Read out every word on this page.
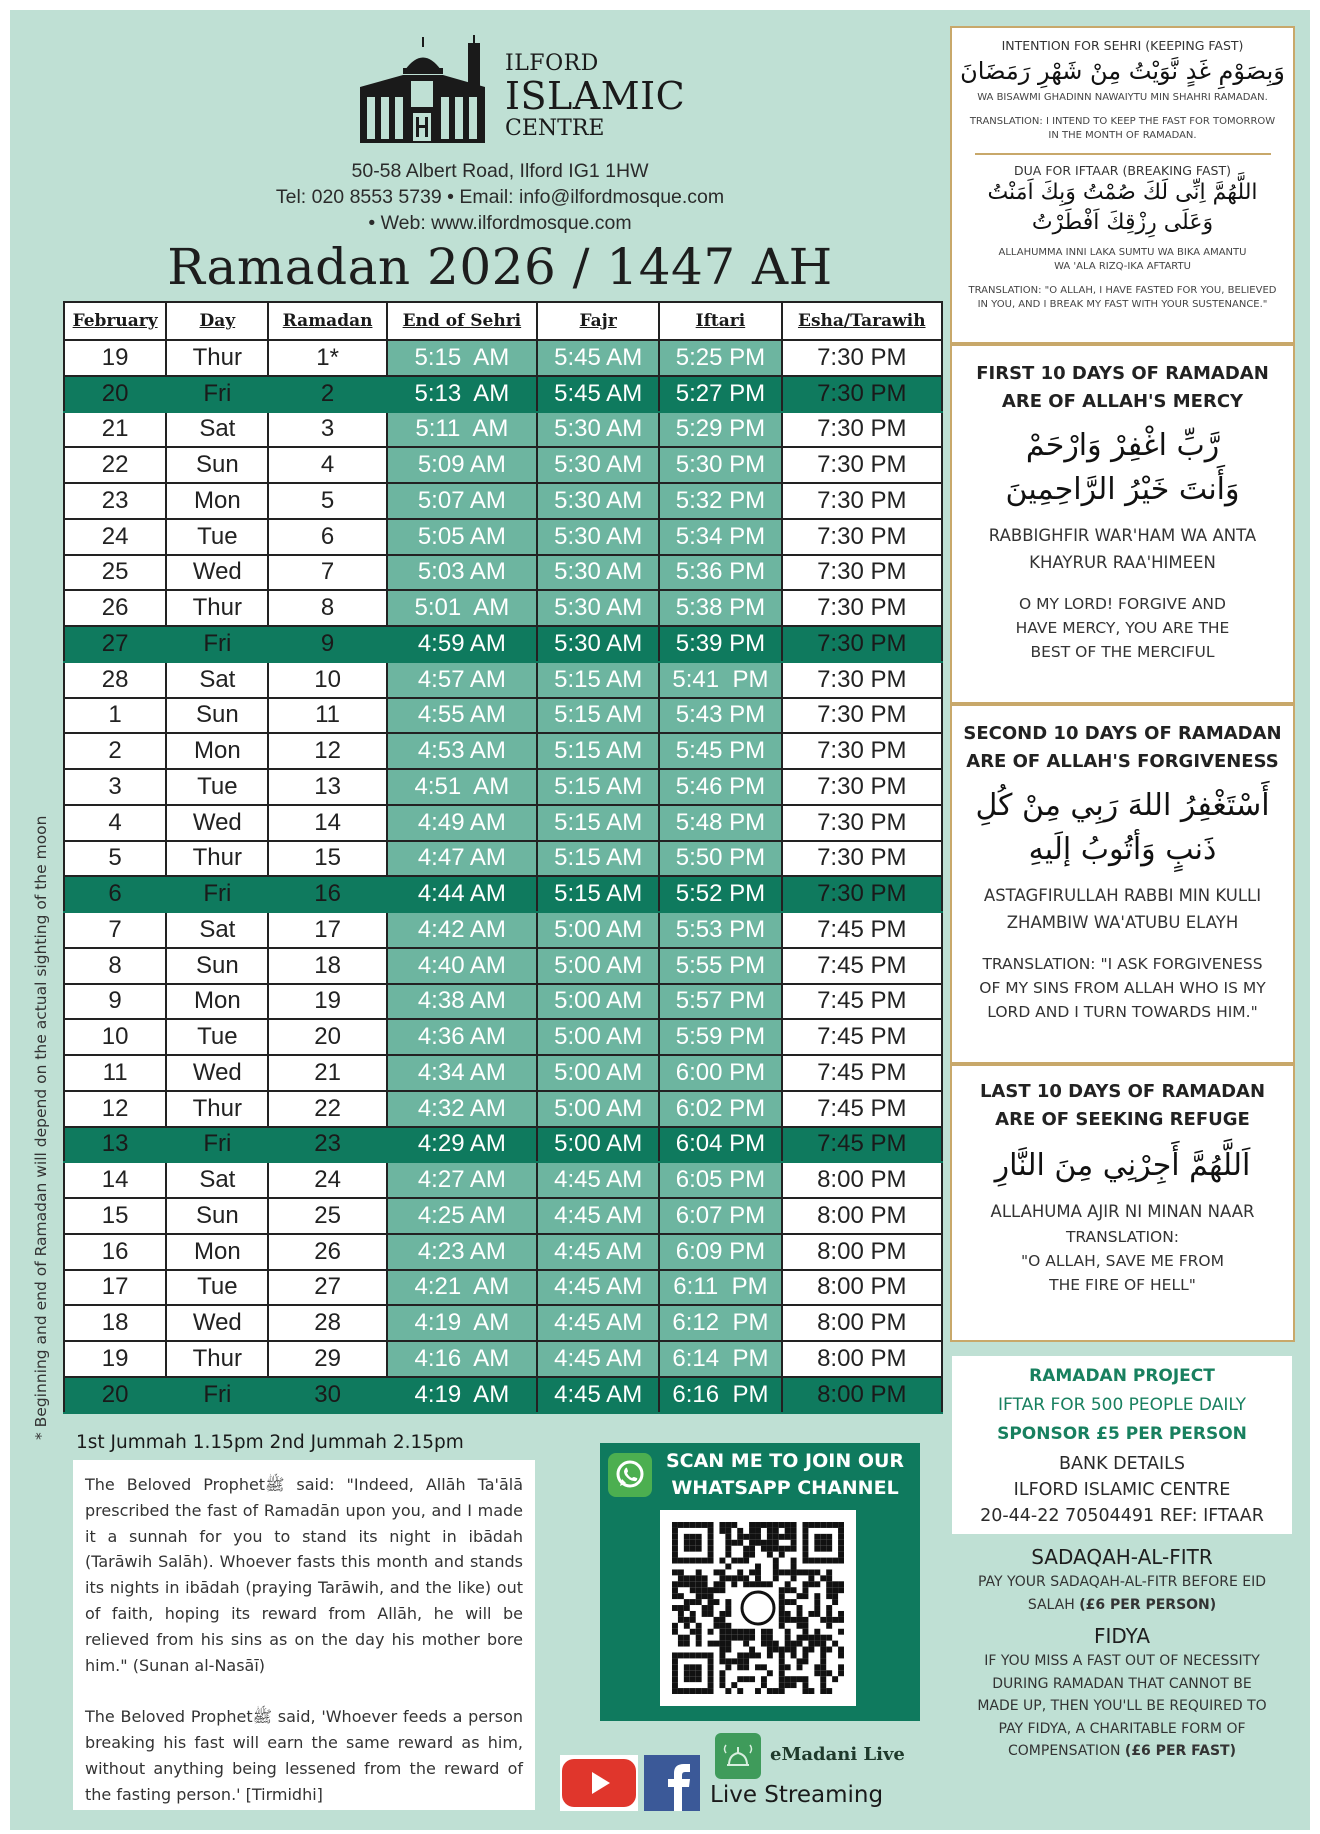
ILFORD
ISLAMIC
CENTRE
50-58 Albert Road, Ilford IG1 1HW
Tel: 020 8553 5739 • Email: info@ilfordmosque.com
• Web: www.ilfordmosque.com
Ramadan 2026 / 1447 AH
February	Day	Ramadan	End of Sehri	Fajr	Iftari	Esha/Tarawih
19	Thur	1*	5:15  AM	5:45 AM	5:25 PM	7:30 PM
20	Fri	2	5:13  AM	5:45 AM	5:27 PM	7:30 PM
21	Sat	3	5:11  AM	5:30 AM	5:29 PM	7:30 PM
22	Sun	4	5:09 AM	5:30 AM	5:30 PM	7:30 PM
23	Mon	5	5:07 AM	5:30 AM	5:32 PM	7:30 PM
24	Tue	6	5:05 AM	5:30 AM	5:34 PM	7:30 PM
25	Wed	7	5:03 AM	5:30 AM	5:36 PM	7:30 PM
26	Thur	8	5:01  AM	5:30 AM	5:38 PM	7:30 PM
27	Fri	9	4:59 AM	5:30 AM	5:39 PM	7:30 PM
28	Sat	10	4:57 AM	5:15 AM	5:41  PM	7:30 PM
1	Sun	11	4:55 AM	5:15 AM	5:43 PM	7:30 PM
2	Mon	12	4:53 AM	5:15 AM	5:45 PM	7:30 PM
3	Tue	13	4:51  AM	5:15 AM	5:46 PM	7:30 PM
4	Wed	14	4:49 AM	5:15 AM	5:48 PM	7:30 PM
5	Thur	15	4:47 AM	5:15 AM	5:50 PM	7:30 PM
6	Fri	16	4:44 AM	5:15 AM	5:52 PM	7:30 PM
7	Sat	17	4:42 AM	5:00 AM	5:53 PM	7:45 PM
8	Sun	18	4:40 AM	5:00 AM	5:55 PM	7:45 PM
9	Mon	19	4:38 AM	5:00 AM	5:57 PM	7:45 PM
10	Tue	20	4:36 AM	5:00 AM	5:59 PM	7:45 PM
11	Wed	21	4:34 AM	5:00 AM	6:00 PM	7:45 PM
12	Thur	22	4:32 AM	5:00 AM	6:02 PM	7:45 PM
13	Fri	23	4:29 AM	5:00 AM	6:04 PM	7:45 PM
14	Sat	24	4:27 AM	4:45 AM	6:05 PM	8:00 PM
15	Sun	25	4:25 AM	4:45 AM	6:07 PM	8:00 PM
16	Mon	26	4:23 AM	4:45 AM	6:09 PM	8:00 PM
17	Tue	27	4:21  AM	4:45 AM	6:11  PM	8:00 PM
18	Wed	28	4:19  AM	4:45 AM	6:12  PM	8:00 PM
19	Thur	29	4:16  AM	4:45 AM	6:14  PM	8:00 PM
20	Fri	30	4:19  AM	4:45 AM	6:16  PM	8:00 PM
* Beginning and end of Ramadan will depend on the actual sighting of the moon
1st Jummah 1.15pm 2nd Jummah 2.15pm

The Beloved Prophetﷺ said: "Indeed, Allāh Ta'ālā prescribed the fast of Ramadān upon you, and I made it a sunnah for you to stand its night in ibādah (Tarāwih Salāh). Whoever fasts this month and stands its nights in ibādah (praying Tarāwih, and the like) out of faith, hoping its reward from Allāh, he will be relieved from his sins as on the day his mother bore him." (Sunan al-Nasāī)

The Beloved Prophetﷺ said, 'Whoever feeds a person breaking his fast will earn the same reward as him, without anything being lessened from the reward of the fasting person.' [Tirmidhi]

SCAN ME TO JOIN OUR
WHATSAPP CHANNEL
eMadani Live
Live Streaming
INTENTION FOR SEHRI (KEEPING FAST)
وَبِصَوْمِ غَدٍ نَّوَيْتُ مِنْ شَهْرِ رَمَضَانَ
WA BISAWMI GHADINN NAWAIYTU MIN SHAHRI RAMADAN.
TRANSLATION: I INTEND TO KEEP THE FAST FOR TOMORROW
IN THE MONTH OF RAMADAN.
DUA FOR IFTAAR (BREAKING FAST)
اللَّهُمَّ اِنِّى لَكَ صُمْتُ وَبِكَ اَمَنْتُ
وَعَلَى رِزْقِكَ اَفْطَرْتُ
ALLAHUMMA INNI LAKA SUMTU WA BIKA AMANTU
WA 'ALA RIZQ-IKA AFTARTU
TRANSLATION: "O ALLAH, I HAVE FASTED FOR YOU, BELIEVED
IN YOU, AND I BREAK MY FAST WITH YOUR SUSTENANCE."
FIRST 10 DAYS OF RAMADAN
ARE OF ALLAH'S MERCY
رَّبِّ اغْفِرْ وَارْحَمْ
وَأَنتَ خَيْرُ الرَّاحِمِينَ
RABBIGHFIR WAR'HAM WA ANTA
KHAYRUR RAA'HIMEEN
O MY LORD! FORGIVE AND
HAVE MERCY, YOU ARE THE
BEST OF THE MERCIFUL
SECOND 10 DAYS OF RAMADAN
ARE OF ALLAH'S FORGIVENESS
أَسْتَغْفِرُ اللهَ رَبِي مِنْ كُلِ
ذَنبٍ وَأتُوبُ إلَيهِ
ASTAGFIRULLAH RABBI MIN KULLI
ZHAMBIW WA'ATUBU ELAYH
TRANSLATION: "I ASK FORGIVENESS
OF MY SINS FROM ALLAH WHO IS MY
LORD AND I TURN TOWARDS HIM."
LAST 10 DAYS OF RAMADAN
ARE OF SEEKING REFUGE
اَللَّهُمَّ أَجِرْنِي مِنَ النَّارِ
ALLAHUMA AJIR NI MINAN NAAR
TRANSLATION:
"O ALLAH, SAVE ME FROM
THE FIRE OF HELL"
RAMADAN PROJECT
IFTAR FOR 500 PEOPLE DAILY
SPONSOR £5 PER PERSON
BANK DETAILS
ILFORD ISLAMIC CENTRE
20-44-22 70504491 REF: IFTAAR
SADAQAH-AL-FITR
PAY YOUR SADAQAH-AL-FITR BEFORE EID
SALAH (£6 PER PERSON)
FIDYA
IF YOU MISS A FAST OUT OF NECESSITY
DURING RAMADAN THAT CANNOT BE
MADE UP, THEN YOU'LL BE REQUIRED TO
PAY FIDYA, A CHARITABLE FORM OF
COMPENSATION (£6 PER FAST)
